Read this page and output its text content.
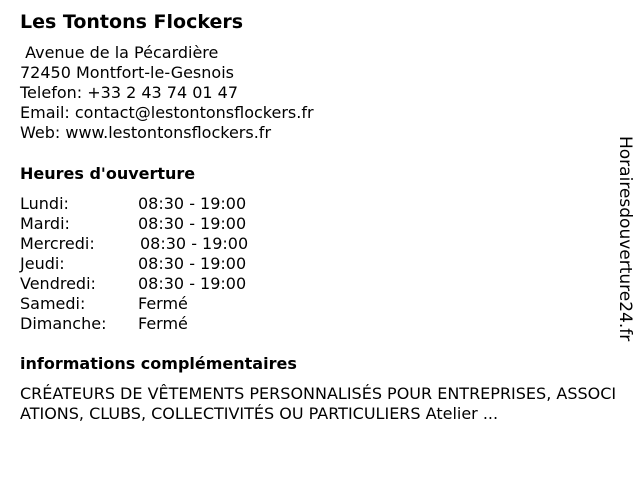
Les Tontons Flockers
Avenue de la Pécardière
72450 Montfort-le-Gesnois
Telefon: +33 2 43 74 01 47
Email: contact@lestontonsflockers.fr
Web: www.lestontonsflockers.fr
Heures d'ouverture
Lundi:	08:30 - 19:00
Mardi:	08:30 - 19:00
Mercredi:	08:30 - 19:00
Jeudi:	08:30 - 19:00
Vendredi:	08:30 - 19:00
Samedi:	Fermé
Dimanche: Fermé
informations complémentaires
CRÉATEURS DE VÊTEMENTS PERSONNALISÉS POUR ENTREPRISES, ASSOCIATIONS, CLUBS, COLLECTIVITÉS OU PARTICULIERS Atelier ...
Horairesdouverture24.fr
